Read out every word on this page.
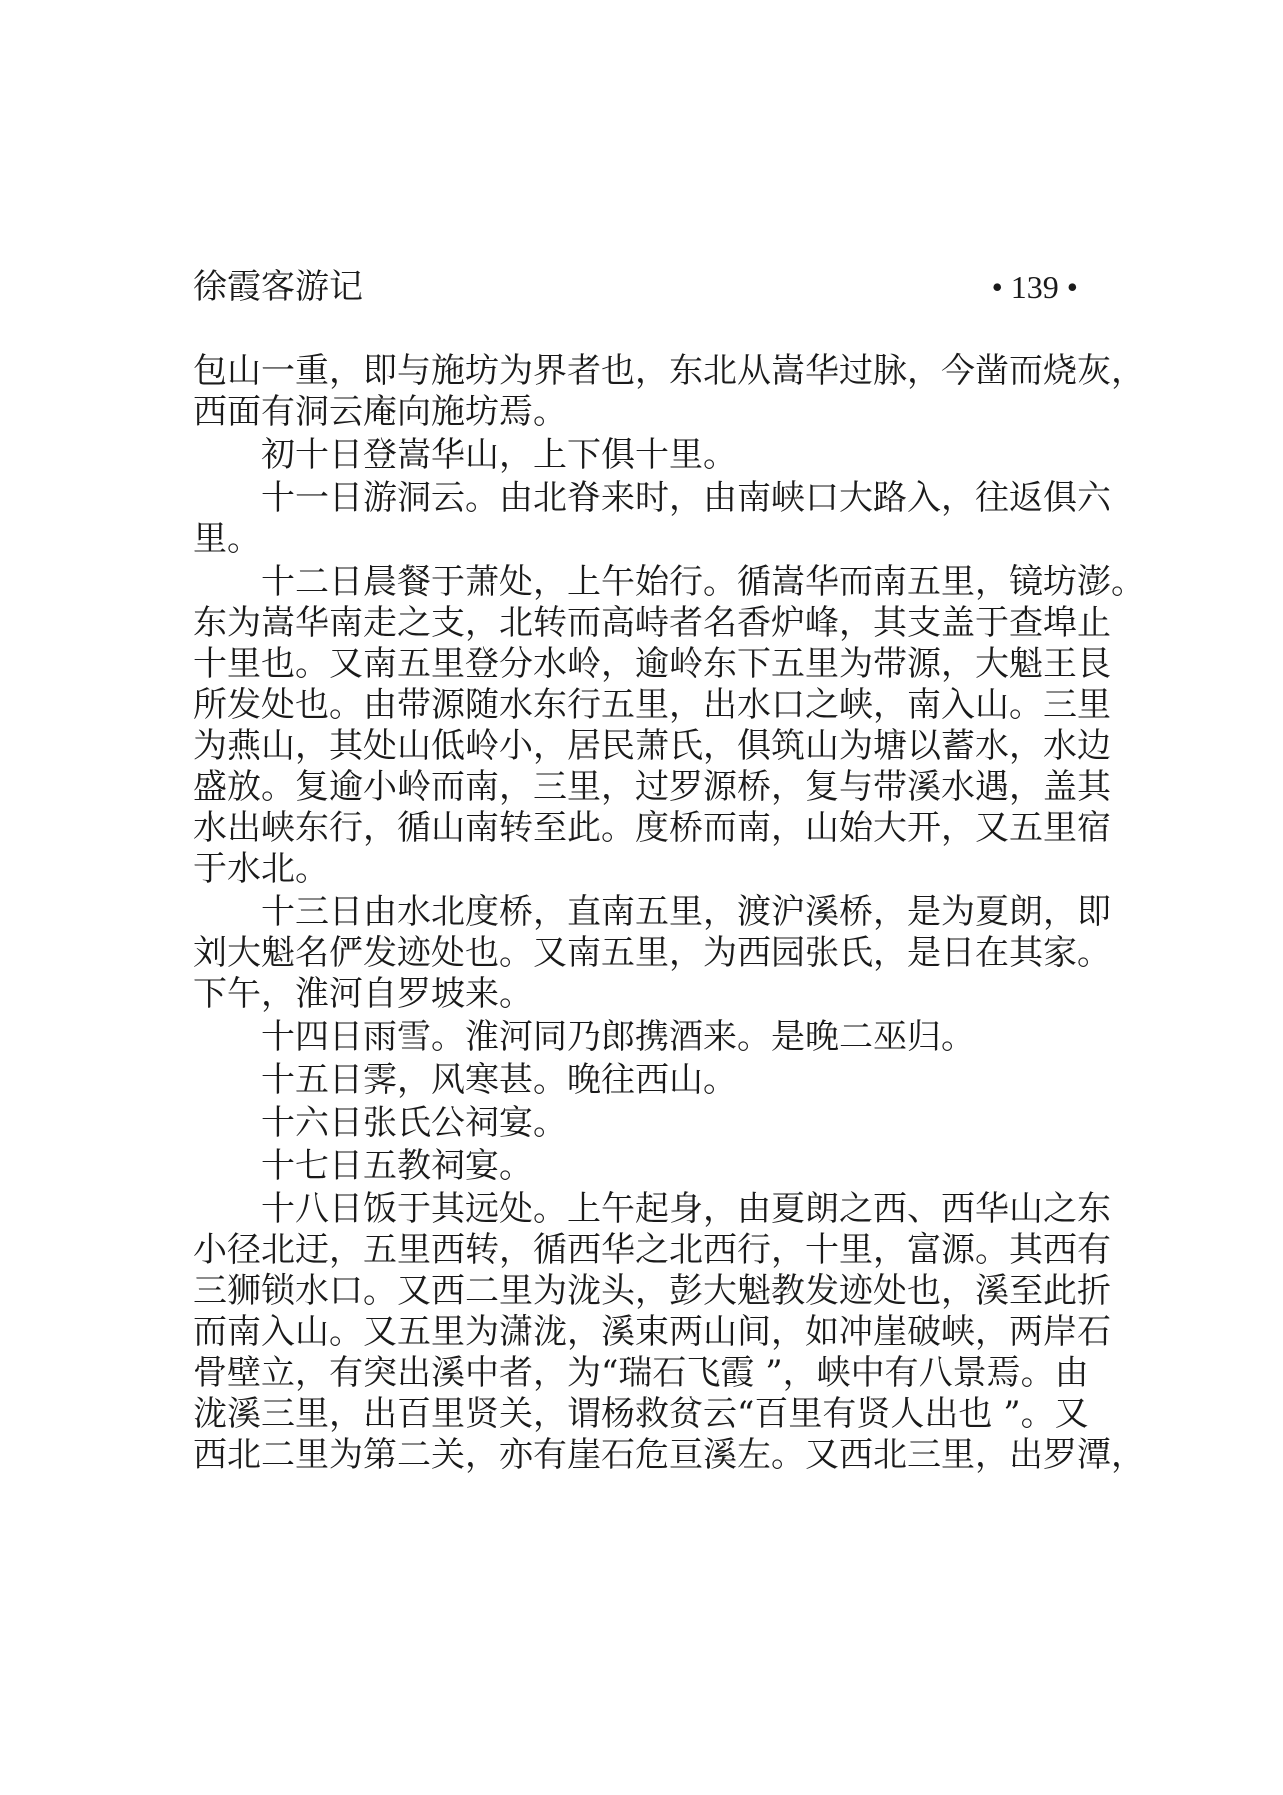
徐霞客游记	• 139 •
包山一重，即与施坊为界者也，东北从嵩华过脉，今凿而烧灰，
西面有洞云庵向施坊焉。
初十日登嵩华山，上下俱十里。
十一日游洞云。由北脊来时，由南峡口大路入，往返俱六
里。
十二日晨餐于萧处，上午始行。循嵩华而南五里，镜坊澎。
东为嵩华南走之支，北转而高峙者名香炉峰，其支盖于查埠止
十里也。又南五里登分水岭，逾岭东下五里为带源，大魁王艮
所发处也。由带源随水东行五里，出水口之峡，南入山。三里
为燕山，其处山低岭小，居民萧氏，俱筑山为塘以蓄水，水边
盛放。复逾小岭而南，三里，过罗源桥，复与带溪水遇，盖其
水出峡东行，循山南转至此。度桥而南，山始大开，又五里宿
于水北。
十三日由水北度桥，直南五里，渡沪溪桥，是为夏朗，即
刘大魁名俨发迹处也。又南五里，为西园张氏，是日在其家。
下午，淮河自罗坡来。
十四日雨雪。淮河同乃郎携酒来。是晚二巫归。
十五日霁，风寒甚。晚往西山。
十六日张氏公祠宴。
十七日五教祠宴。
十八日饭于其远处。上午起身，由夏朗之西、西华山之东
小径北迂，五里西转，循西华之北西行，十里，富源。其西有
三狮锁水口。又西二里为泷头，彭大魁教发迹处也，溪至此折
而南入山。又五里为潇泷，溪束两山间，如冲崖破峡，两岸石
骨壁立，有突出溪中者，为“瑞石飞霞 ”，峡中有八景焉。由
泷溪三里，出百里贤关，谓杨救贫云“百里有贤人出也 ”。又
西北二里为第二关，亦有崖石危亘溪左。又西北三里，出罗潭，
